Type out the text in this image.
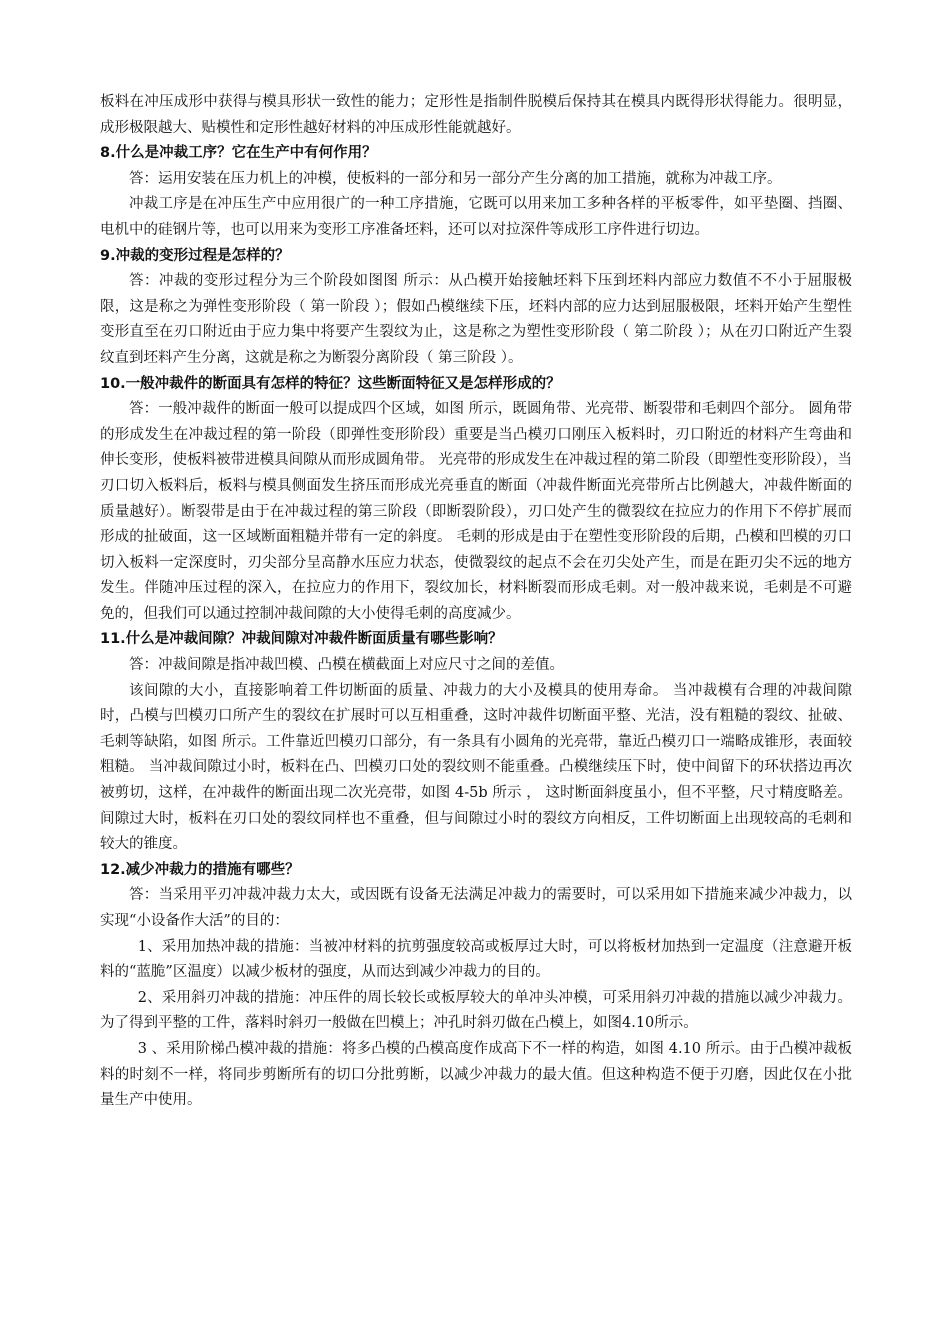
板料在冲压成形中获得与模具形状一致性的能力；定形性是指制件脱模后保持其在模具内既得形状得能力。很明显，成形极限越大、贴模性和定形性越好材料的冲压成形性能就越好。

8.什么是冲裁工序？它在生产中有何作用？

答：运用安装在压力机上的冲模，使板料的一部分和另一部分产生分离的加工措施，就称为冲裁工序。

冲裁工序是在冲压生产中应用很广的一种工序措施，它既可以用来加工多种各样的平板零件，如平垫圈、挡圈、电机中的硅钢片等，也可以用来为变形工序准备坯料，还可以对拉深件等成形工序件进行切边。

9.冲裁的变形过程是怎样的？

答：冲裁的变形过程分为三个阶段如图图 所示：从凸模开始接触坯料下压到坯料内部应力数值不不小于屈服极限，这是称之为弹性变形阶段（ 第一阶段 ）；假如凸模继续下压，坯料内部的应力达到屈服极限，坯料开始产生塑性变形直至在刃口附近由于应力集中将要产生裂纹为止，这是称之为塑性变形阶段（ 第二阶段 ）；从在刃口附近产生裂纹直到坯料产生分离，这就是称之为断裂分离阶段（ 第三阶段 ）。

10.一般冲裁件的断面具有怎样的特征？这些断面特征又是怎样形成的？

答：一般冲裁件的断面一般可以提成四个区域，如图 所示，既圆角带、光亮带、断裂带和毛刺四个部分。 圆角带的形成发生在冲裁过程的第一阶段（即弹性变形阶段）重要是当凸模刃口刚压入板料时，刃口附近的材料产生弯曲和伸长变形，使板料被带进模具间隙从而形成圆角带。 光亮带的形成发生在冲裁过程的第二阶段（即塑性变形阶段），当刃口切入板料后，板料与模具侧面发生挤压而形成光亮垂直的断面（冲裁件断面光亮带所占比例越大，冲裁件断面的质量越好）。断裂带是由于在冲裁过程的第三阶段（即断裂阶段），刃口处产生的微裂纹在拉应力的作用下不停扩展而形成的扯破面，这一区域断面粗糙并带有一定的斜度。 毛刺的形成是由于在塑性变形阶段的后期，凸模和凹模的刃口切入板料一定深度时，刃尖部分呈高静水压应力状态，使微裂纹的起点不会在刃尖处产生，而是在距刃尖不远的地方发生。伴随冲压过程的深入，在拉应力的作用下，裂纹加长，材料断裂而形成毛刺。对一般冲裁来说，毛刺是不可避免的，但我们可以通过控制冲裁间隙的大小使得毛刺的高度减少。

11.什么是冲裁间隙？冲裁间隙对冲裁件断面质量有哪些影响？

答：冲裁间隙是指冲裁凹模、凸模在横截面上对应尺寸之间的差值。

该间隙的大小，直接影响着工件切断面的质量、冲裁力的大小及模具的使用寿命。 当冲裁模有合理的冲裁间隙时，凸模与凹模刃口所产生的裂纹在扩展时可以互相重叠，这时冲裁件切断面平整、光洁，没有粗糙的裂纹、扯破、毛刺等缺陷，如图 所示。工件靠近凹模刃口部分，有一条具有小圆角的光亮带，靠近凸模刃口一端略成锥形，表面较粗糙。 当冲裁间隙过小时，板料在凸、凹模刃口处的裂纹则不能重叠。凸模继续压下时，使中间留下的环状搭边再次被剪切，这样，在冲裁件的断面出现二次光亮带，如图 4-5b 所示 ， 这时断面斜度虽小，但不平整，尺寸精度略差。 间隙过大时，板料在刃口处的裂纹同样也不重叠，但与间隙过小时的裂纹方向相反，工件切断面上出现较高的毛刺和较大的锥度。

12.减少冲裁力的措施有哪些？

答：当采用平刃冲裁冲裁力太大，或因既有设备无法满足冲裁力的需要时，可以采用如下措施来减少冲裁力，以实现“小设备作大活”的目的：

1、采用加热冲裁的措施：当被冲材料的抗剪强度较高或板厚过大时，可以将板材加热到一定温度（注意避开板料的“蓝脆”区温度）以减少板材的强度，从而达到减少冲裁力的目的。

2、采用斜刃冲裁的措施：冲压件的周长较长或板厚较大的单冲头冲模，可采用斜刃冲裁的措施以减少冲裁力。为了得到平整的工件，落料时斜刃一般做在凹模上；冲孔时斜刃做在凸模上，如图4.10所示。

3 、采用阶梯凸模冲裁的措施：将多凸模的凸模高度作成高下不一样的构造，如图 4.10 所示。由于凸模冲裁板料的时刻不一样，将同步剪断所有的切口分批剪断，以减少冲裁力的最大值。但这种构造不便于刃磨，因此仅在小批量生产中使用。
